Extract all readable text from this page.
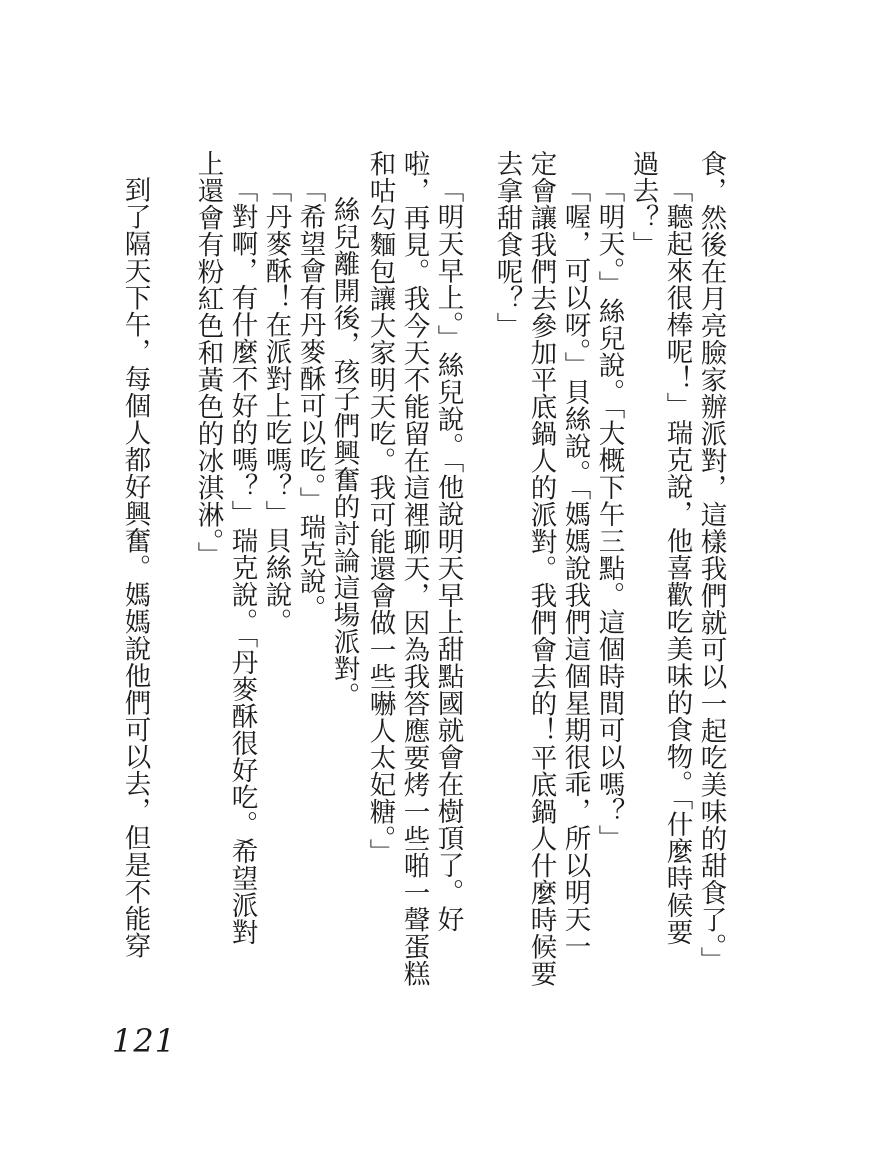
食，然後在月亮臉家辦派對，這樣我們就可以一起吃美味的甜食了。」
「聽起來很棒呢！」瑞克說，他喜歡吃美味的食物。「什麼時候要
過去？」
「明天。」絲兒說。「大概下午三點。這個時間可以嗎？」
「喔，可以呀。」貝絲說。「媽媽說我們這個星期很乖，所以明天一
定會讓我們去參加平底鍋人的派對。我們會去的！平底鍋人什麼時候要
去拿甜食呢？」
「明天早上。」絲兒說。「他說明天早上甜點國就會在樹頂了。好
啦，再見。我今天不能留在這裡聊天，因為我答應要烤一些啪一聲蛋糕
和咕勾麵包讓大家明天吃。我可能還會做一些嚇人太妃糖。」
絲兒離開後，孩子們興奮的討論這場派對。
「希望會有丹麥酥可以吃。」瑞克說。
「丹麥酥！在派對上吃嗎？」貝絲說。
「對啊，有什麼不好的嗎？」瑞克說。「丹麥酥很好吃。希望派對
上還會有粉紅色和黃色的冰淇淋。」
到了隔天下午，每個人都好興奮。媽媽說他們可以去，但是不能穿
121
